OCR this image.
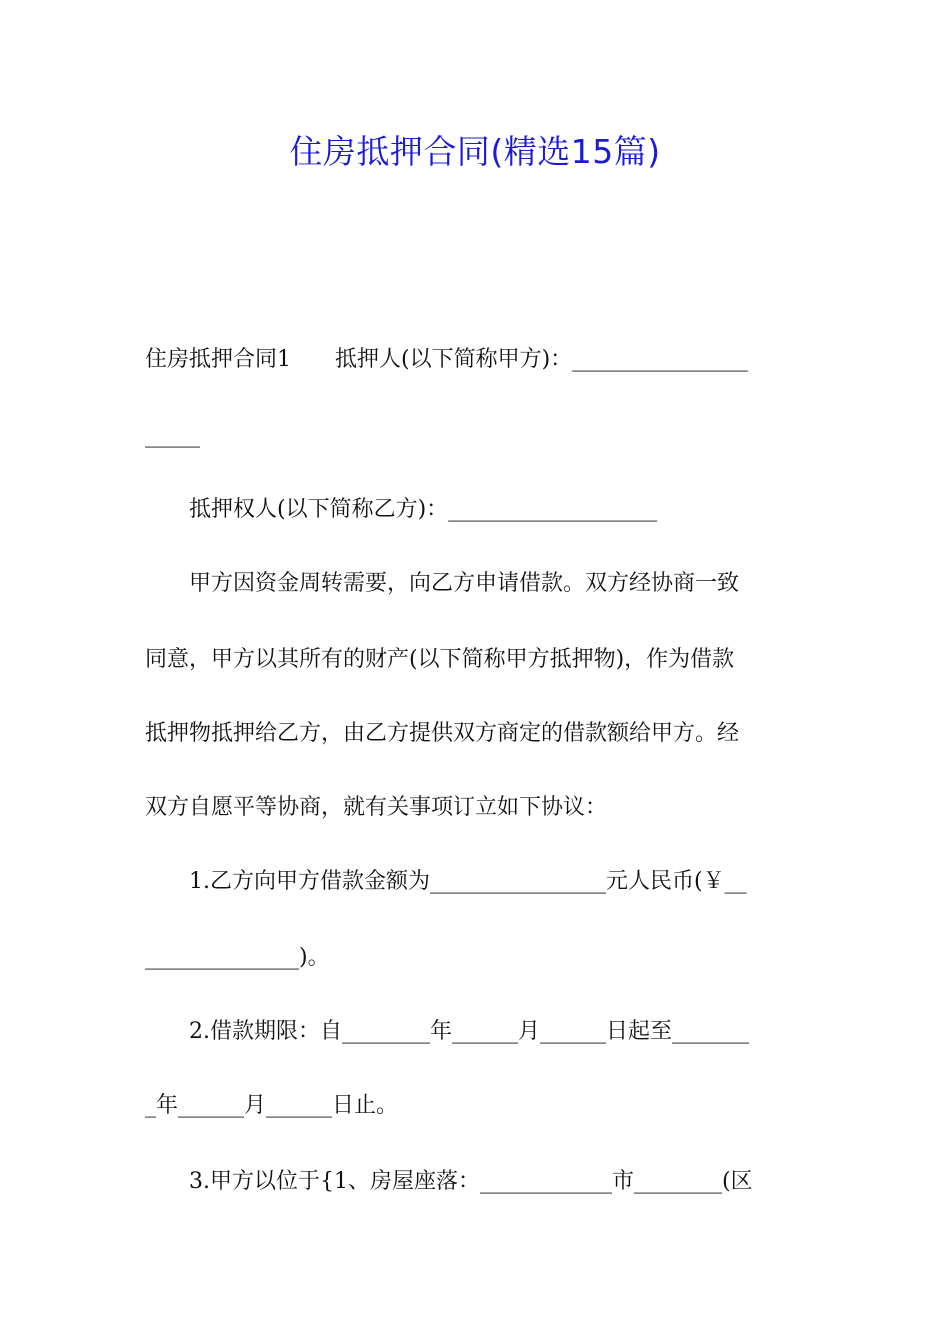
住房抵押合同(精选15篇)
住房抵押合同1　　抵押人(以下简称甲方)：________________
_____
　　抵押权人(以下简称乙方)：___________________
　　甲方因资金周转需要，向乙方申请借款。双方经协商一致
同意，甲方以其所有的财产(以下简称甲方抵押物)，作为借款
抵押物抵押给乙方，由乙方提供双方商定的借款额给甲方。经
双方自愿平等协商，就有关事项订立如下协议：
　　1.乙方向甲方借款金额为________________元人民币(￥__
______________)。
　　2.借款期限：自________年______月______日起至_______
_年______月______日止。
　　3.甲方以位于{1、房屋座落：____________市________(区
